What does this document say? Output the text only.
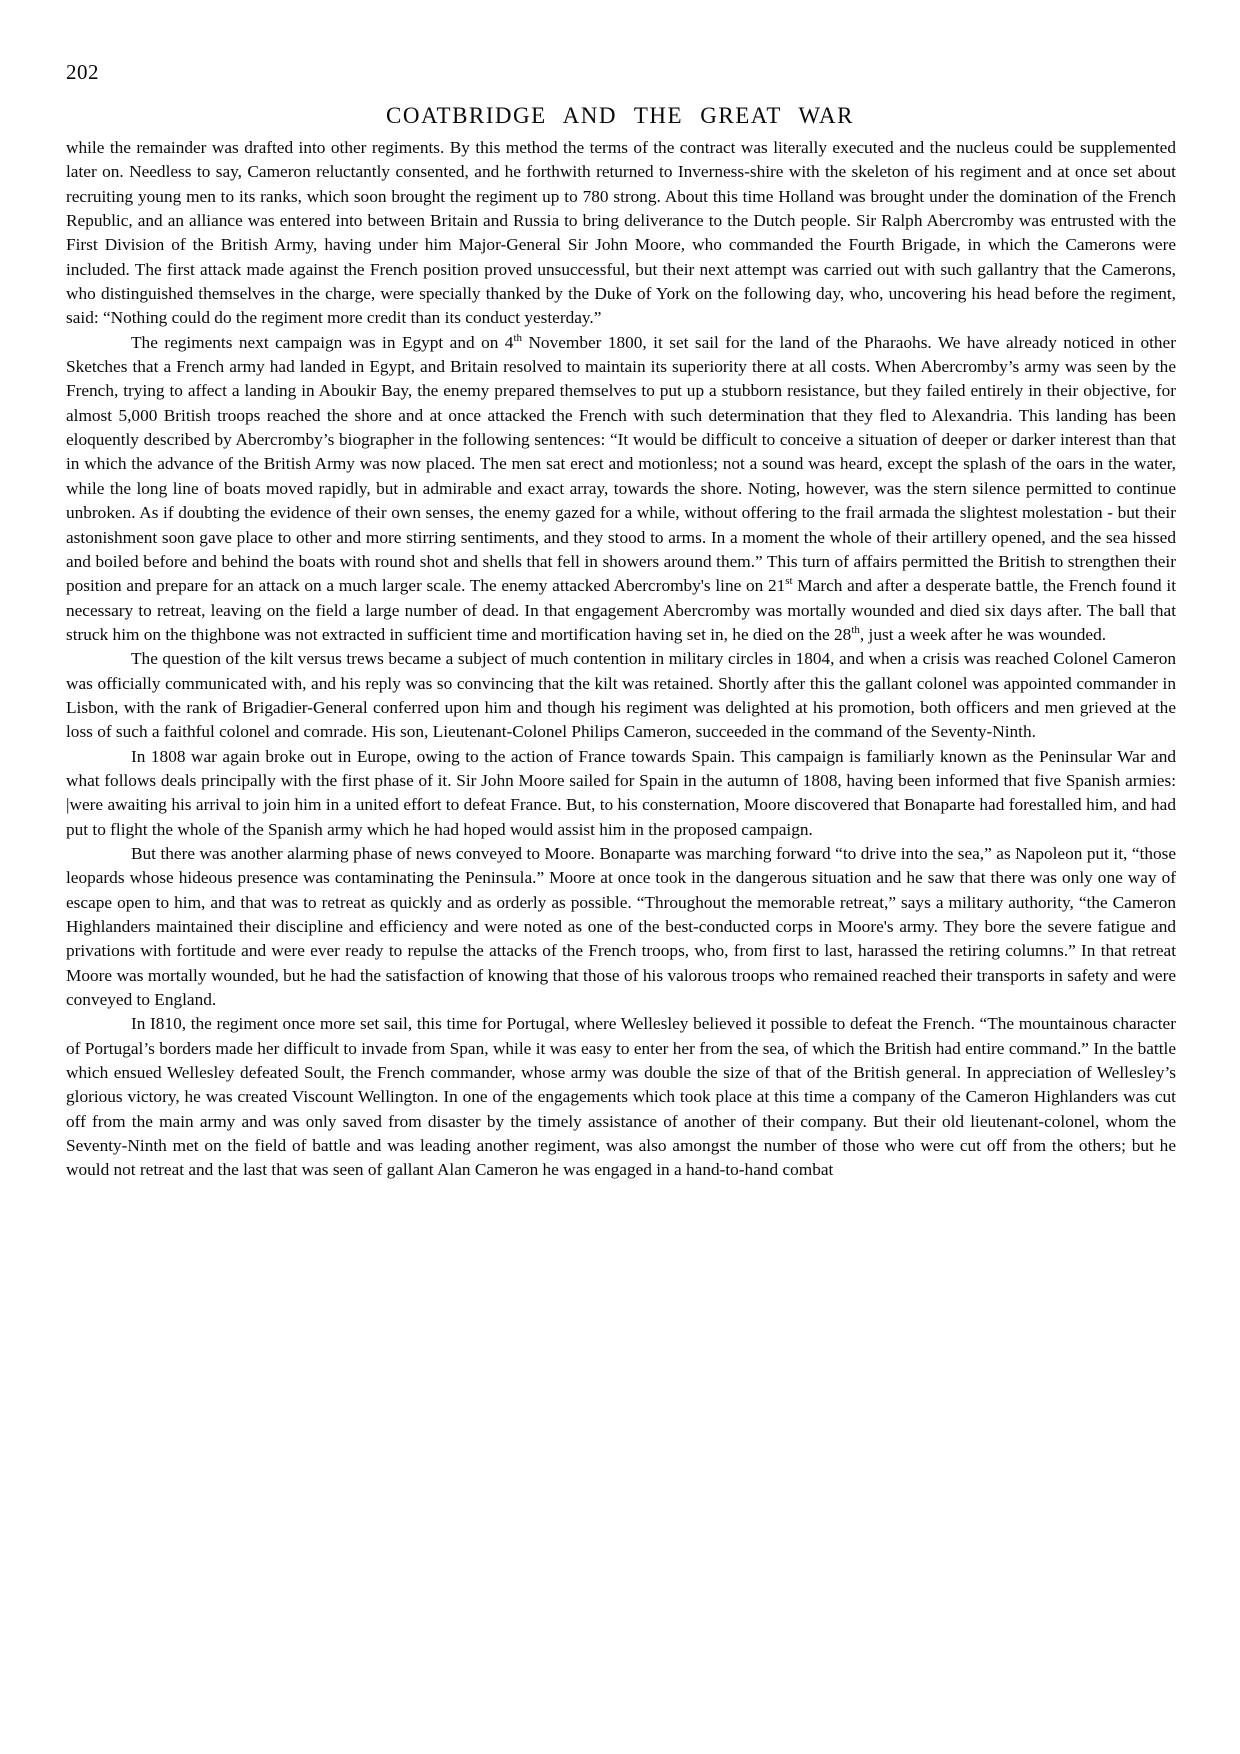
202
COATBRIDGE AND THE GREAT WAR

while the remainder was drafted into other regiments. By this method the terms of the contract was literally executed and the nucleus could be supplemented later on. Needless to say, Cameron reluctantly consented, and he forthwith returned to Inverness-shire with the skeleton of his regiment and at once set about recruiting young men to its ranks, which soon brought the regiment up to 780 strong. About this time Holland was brought under the domination of the French Republic, and an alliance was entered into between Britain and Russia to bring deliverance to the Dutch people. Sir Ralph Abercromby was entrusted with the First Division of the British Army, having under him Major-General Sir John Moore, who commanded the Fourth Brigade, in which the Camerons were included. The first attack made against the French position proved unsuccessful, but their next attempt was carried out with such gallantry that the Camerons, who distinguished themselves in the charge, were specially thanked by the Duke of York on the following day, who, uncovering his head before the regiment, said: “Nothing could do the regiment more credit than its conduct yesterday.”

The regiments next campaign was in Egypt and on 4th November 1800, it set sail for the land of the Pharaohs. We have already noticed in other Sketches that a French army had landed in Egypt, and Britain resolved to maintain its superiority there at all costs. When Abercromby’s army was seen by the French, trying to affect a landing in Aboukir Bay, the enemy prepared themselves to put up a stubborn resistance, but they failed entirely in their objective, for almost 5,000 British troops reached the shore and at once attacked the French with such determination that they fled to Alexandria. This landing has been eloquently described by Abercromby’s biographer in the following sentences: “It would be difficult to conceive a situation of deeper or darker interest than that in which the advance of the British Army was now placed. The men sat erect and motionless; not a sound was heard, except the splash of the oars in the water, while the long line of boats moved rapidly, but in admirable and exact array, towards the shore. Noting, however, was the stern silence permitted to continue unbroken. As if doubting the evidence of their own senses, the enemy gazed for a while, without offering to the frail armada the slightest molestation - but their astonishment soon gave place to other and more stirring sentiments, and they stood to arms. In a moment the whole of their artillery opened, and the sea hissed and boiled before and behind the boats with round shot and shells that fell in showers around them.” This turn of affairs permitted the British to strengthen their position and prepare for an attack on a much larger scale. The enemy attacked Abercromby's line on 21st March and after a desperate battle, the French found it necessary to retreat, leaving on the field a large number of dead. In that engagement Abercromby was mortally wounded and died six days after. The ball that struck him on the thighbone was not extracted in sufficient time and mortification having set in, he died on the 28th, just a week after he was wounded.

The question of the kilt versus trews became a subject of much contention in military circles in 1804, and when a crisis was reached Colonel Cameron was officially communicated with, and his reply was so convincing that the kilt was retained. Shortly after this the gallant colonel was appointed commander in Lisbon, with the rank of Brigadier-General conferred upon him and though his regiment was delighted at his promotion, both officers and men grieved at the loss of such a faithful colonel and comrade. His son, Lieutenant-Colonel Philips Cameron, succeeded in the command of the Seventy-Ninth.

In 1808 war again broke out in Europe, owing to the action of France towards Spain. This campaign is familiarly known as the Peninsular War and what follows deals principally with the first phase of it. Sir John Moore sailed for Spain in the autumn of 1808, having been informed that five Spanish armies: |were awaiting his arrival to join him in a united effort to defeat France. But, to his consternation, Moore discovered that Bonaparte had forestalled him, and had put to flight the whole of the Spanish army which he had hoped would assist him in the proposed campaign.

But there was another alarming phase of news conveyed to Moore. Bonaparte was marching forward “to drive into the sea,” as Napoleon put it, “those leopards whose hideous presence was contaminating the Peninsula.” Moore at once took in the dangerous situation and he saw that there was only one way of escape open to him, and that was to retreat as quickly and as orderly as possible. “Throughout the memorable retreat,” says a military authority, “the Cameron Highlanders maintained their discipline and efficiency and were noted as one of the best-conducted corps in Moore's army. They bore the severe fatigue and privations with fortitude and were ever ready to repulse the attacks of the French troops, who, from first to last, harassed the retiring columns.” In that retreat Moore was mortally wounded, but he had the satisfaction of knowing that those of his valorous troops who remained reached their transports in safety and were conveyed to England.

In I810, the regiment once more set sail, this time for Portugal, where Wellesley believed it possible to defeat the French. “The mountainous character of Portugal’s borders made her difficult to invade from Span, while it was easy to enter her from the sea, of which the British had entire command.” In the battle which ensued Wellesley defeated Soult, the French commander, whose army was double the size of that of the British general. In appreciation of Wellesley’s glorious victory, he was created Viscount Wellington. In one of the engagements which took place at this time a company of the Cameron Highlanders was cut off from the main army and was only saved from disaster by the timely assistance of another of their company. But their old lieutenant-colonel, whom the Seventy-Ninth met on the field of battle and was leading another regiment, was also amongst the number of those who were cut off from the others; but he would not retreat and the last that was seen of gallant Alan Cameron he was engaged in a hand-to-hand combat
